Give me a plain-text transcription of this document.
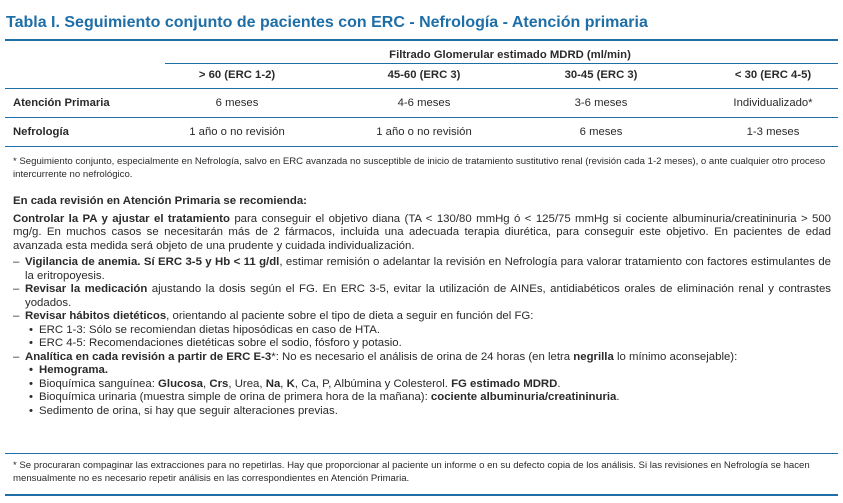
Tabla I. Seguimiento conjunto de pacientes con ERC - Nefrología - Atención primaria
Filtrado Glomerular estimado MDRD (ml/min)
> 60 (ERC 1-2)	45-60 (ERC 3)	30-45 (ERC 3)	< 30 (ERC 4-5)
Atención Primaria	6 meses	4-6 meses	3-6 meses	Individualizado*
Nefrología	1 año o no revisión	1 año o no revisión	6 meses	1-3 meses
* Seguimiento conjunto, especialmente en Nefrología, salvo en ERC avanzada no susceptible de inicio de tratamiento sustitutivo renal (revisión cada 1-2 meses), o ante cualquier otro proceso intercurrente no nefrológico.

En cada revisión en Atención Primaria se recomienda:

Controlar la PA y ajustar el tratamiento para conseguir el objetivo diana (TA < 130/80 mmHg ó < 125/75 mmHg si cociente albuminuria/creatininuria > 500 mg/g. En muchos casos se necesitarán más de 2 fármacos, incluida una adecuada terapia diurética, para conseguir este objetivo. En pacientes de edad avanzada esta medida será objeto de una prudente y cuidada individualización.

– Vigilancia de anemia. Sí ERC 3-5 y Hb < 11 g/dl, estimar remisión o adelantar la revisión en Nefrología para valorar tratamiento con factores estimulantes de la eritropoyesis.

– Revisar la medicación ajustando la dosis según el FG. En ERC 3-5, evitar la utilización de AINEs, antidiabéticos orales de eliminación renal y contrastes yodados.

– Revisar hábitos dietéticos, orientando al paciente sobre el tipo de dieta a seguir en función del FG:

• ERC 1-3: Sólo se recomiendan dietas hiposódicas en caso de HTA.

• ERC 4-5: Recomendaciones dietéticas sobre el sodio, fósforo y potasio.

– Analítica en cada revisión a partir de ERC E-3*: No es necesario el análisis de orina de 24 horas (en letra negrilla lo mínimo aconsejable):

• Hemograma.

• Bioquímica sanguínea: Glucosa, Crs, Urea, Na, K, Ca, P, Albúmina y Colesterol. FG estimado MDRD.

• Bioquímica urinaria (muestra simple de orina de primera hora de la mañana): cociente albuminuria/creatininuria.

• Sedimento de orina, si hay que seguir alteraciones previas.

* Se procuraran compaginar las extracciones para no repetirlas. Hay que proporcionar al paciente un informe o en su defecto copia de los análisis. Si las revisiones en Nefrología se hacen mensualmente no es necesario repetir análisis en las correspondientes en Atención Primaria.
